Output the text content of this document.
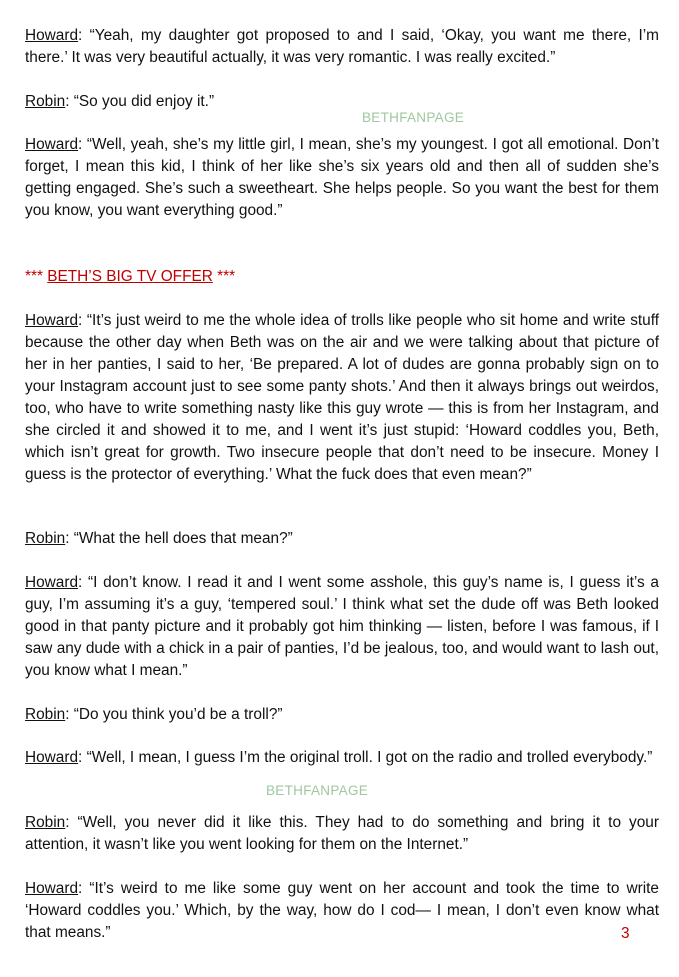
Howard: “Yeah, my daughter got proposed to and I said, ‘Okay, you want me there, I’m there.’ It was very beautiful actually, it was very romantic. I was really excited.”

Robin: “So you did enjoy it.”

BETHFANPAGE

Howard: “Well, yeah, she’s my little girl, I mean, she’s my youngest. I got all emotional. Don’t forget, I mean this kid, I think of her like she’s six years old and then all of sudden she’s getting engaged. She’s such a sweetheart. She helps people. So you want the best for them you know, you want everything good.”

*** BETH’S BIG TV OFFER ***

Howard: “It’s just weird to me the whole idea of trolls like people who sit home and write stuff because the other day when Beth was on the air and we were talking about that picture of her in her panties, I said to her, ‘Be prepared. A lot of dudes are gonna probably sign on to your Instagram account just to see some panty shots.’ And then it always brings out weirdos, too, who have to write something nasty like this guy wrote — this is from her Instagram, and she circled it and showed it to me, and I went it’s just stupid: ‘Howard coddles you, Beth, which isn’t great for growth. Two insecure people that don’t need to be insecure. Money I guess is the protector of everything.’ What the fuck does that even mean?”

Robin: “What the hell does that mean?”

Howard: “I don’t know. I read it and I went some asshole, this guy’s name is, I guess it’s a guy, I’m assuming it’s a guy, ‘tempered soul.’ I think what set the dude off was Beth looked good in that panty picture and it probably got him thinking — listen, before I was famous, if I saw any dude with a chick in a pair of panties, I’d be jealous, too, and would want to lash out, you know what I mean.”

Robin: “Do you think you’d be a troll?”

Howard: “Well, I mean, I guess I’m the original troll. I got on the radio and trolled everybody.”

BETHFANPAGE

Robin: “Well, you never did it like this. They had to do something and bring it to your attention, it wasn’t like you went looking for them on the Internet.”

Howard: “It’s weird to me like some guy went on her account and took the time to write ‘Howard coddles you.’ Which, by the way, how do I cod— I mean, I don’t even know what that means.”	3
